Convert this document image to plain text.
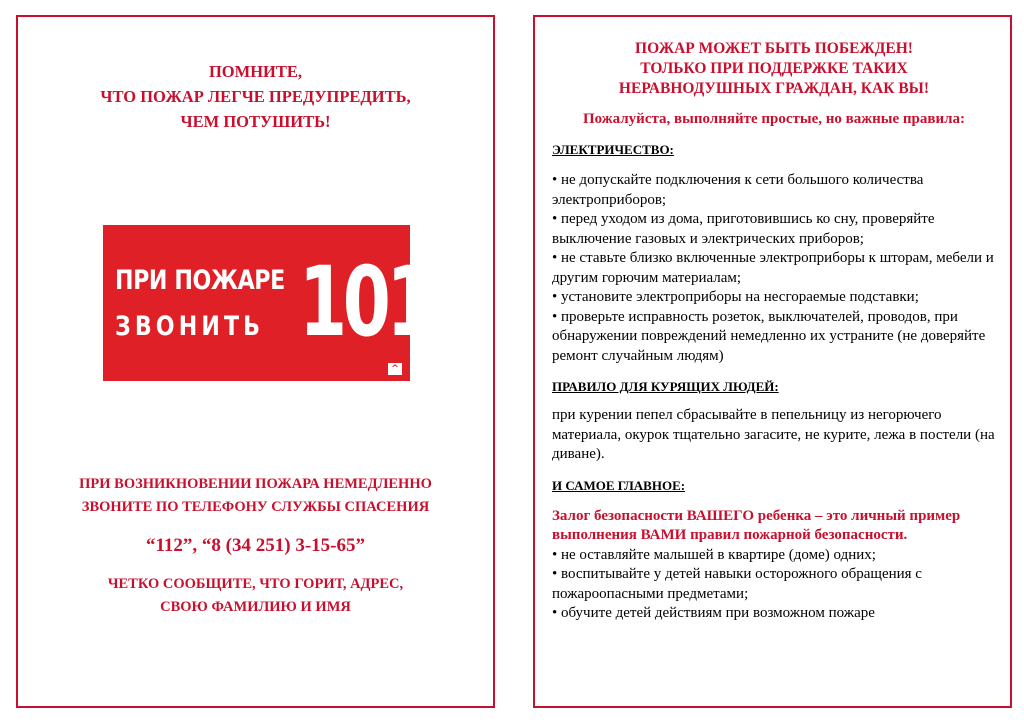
ПОМНИТЕ,
ЧТО ПОЖАР ЛЕГЧЕ ПРЕДУПРЕДИТЬ,
ЧЕМ ПОТУШИТЬ!
ПРИ ПОЖАРЕ
ЗВОНИТЬ 101
^
ПРИ ВОЗНИКНОВЕНИИ ПОЖАРА НЕМЕДЛЕННО
ЗВОНИТЕ ПО ТЕЛЕФОНУ СЛУЖБЫ СПАСЕНИЯ
“112”, “8 (34 251) 3-15-65”
ЧЕТКО СООБЩИТЕ, ЧТО ГОРИТ, АДРЕС,
СВОЮ ФАМИЛИЮ И ИМЯ
ПОЖАР МОЖЕТ БЫТЬ ПОБЕЖДЕН!
ТОЛЬКО ПРИ ПОДДЕРЖКЕ ТАКИХ
НЕРАВНОДУШНЫХ ГРАЖДАН, КАК ВЫ!
Пожалуйста, выполняйте простые, но важные правила:
ЭЛЕКТРИЧЕСТВО:
• не допускайте подключения к сети большого количества электроприборов;
• перед уходом из дома, приготовившись ко сну, проверяйте выключение газовых и электрических приборов;
• не ставьте близко включенные электроприборы к шторам, мебели и другим горючим материалам;
• установите электроприборы на несгораемые подставки;
• проверьте исправность розеток, выключателей, проводов, при обнаружении повреждений немедленно их устраните (не доверяйте ремонт случайным людям)
ПРАВИЛО ДЛЯ КУРЯЩИХ ЛЮДЕЙ:
при курении пепел сбрасывайте в пепельницу из негорючего материала, окурок тщательно загасите, не курите, лежа в постели (на диване).
И САМОЕ ГЛАВНОЕ:
Залог безопасности ВАШЕГО ребенка – это личный пример выполнения ВАМИ правил пожарной безопасности.
• не оставляйте малышей в квартире (доме) одних;
• воспитывайте у детей навыки осторожного обращения с пожароопасными предметами;
• обучите детей действиям при возможном пожаре
